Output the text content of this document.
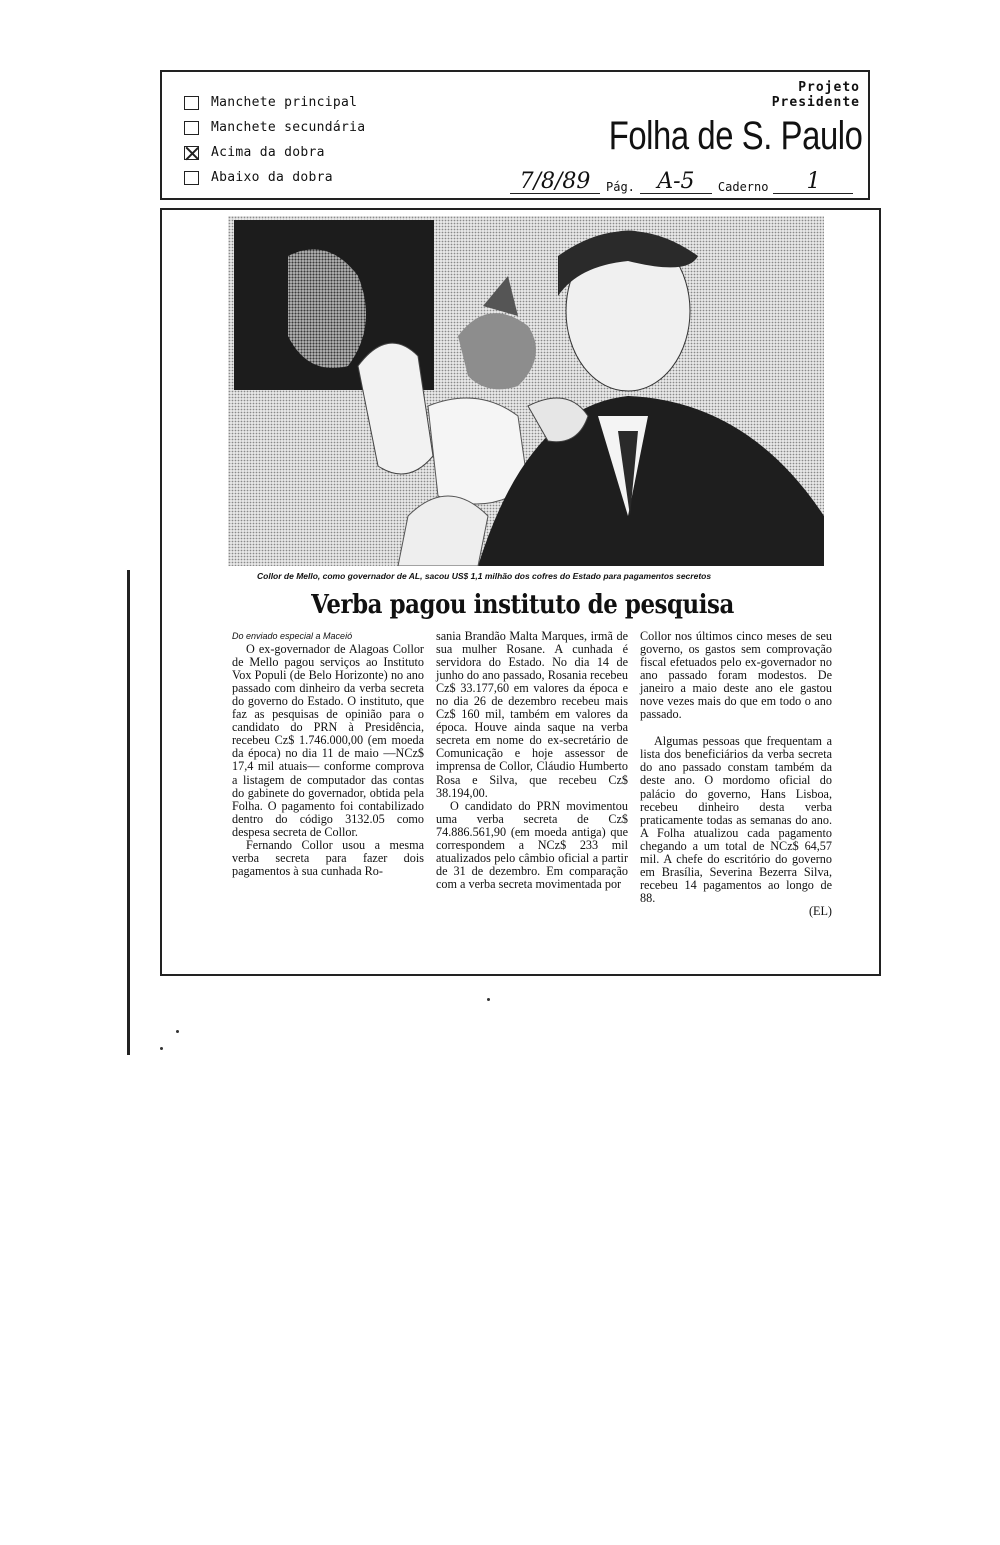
Manchete principal
Manchete secundária
Acima da dobra
Abaixo da dobra
Projeto
Presidente
Folha de S. Paulo
7/8/89	Pág.	A-5	Caderno	1
Collor de Mello, como governador de AL, sacou US$ 1,1 milhão dos cofres do Estado para pagamentos secretos
Verba pagou instituto de pesquisa

Do enviado especial a Maceió

O ex-governador de Alagoas Collor de Mello pagou serviços ao Instituto Vox Populi (de Belo Horizonte) no ano passado com dinheiro da verba secreta do governo do Estado. O instituto, que faz as pesquisas de opinião para o candidato do PRN à Presidência, recebeu Cz$ 1.746.000,00 (em moeda da época) no dia 11 de maio —NCz$ 17,4 mil atuais— conforme comprova a listagem de computador das contas do gabinete do governador, obtida pela Folha. O pagamento foi contabilizado dentro do código 3132.05 como despesa secreta de Collor.

Fernando Collor usou a mesma verba secreta para fazer dois pagamentos à sua cunhada Ro-

sania Brandão Malta Marques, irmã de sua mulher Rosane. A cunhada é servidora do Estado. No dia 14 de junho do ano passado, Rosania recebeu Cz$ 33.177,60 em valores da época e no dia 26 de dezembro recebeu mais Cz$ 160 mil, também em valores da época. Houve ainda saque na verba secreta em nome do ex-secretário de Comunicação e hoje assessor de imprensa de Collor, Cláudio Humberto Rosa e Silva, que recebeu Cz$ 38.194,00.

O candidato do PRN movimentou uma verba secreta de Cz$ 74.886.561,90 (em moeda antiga) que correspondem a NCz$ 233 mil atualizados pelo câmbio oficial a partir de 31 de dezembro. Em comparação com a verba secreta movimentada por

Collor nos últimos cinco meses de seu governo, os gastos sem comprovação fiscal efetuados pelo ex-governador no ano passado foram modestos. De janeiro a maio deste ano ele gastou nove vezes mais do que em todo o ano passado.

Algumas pessoas que frequentam a lista dos beneficiários da verba secreta do ano passado constam também da deste ano. O mordomo oficial do palácio do governo, Hans Lisboa, recebeu dinheiro desta verba praticamente todas as semanas do ano. A Folha atualizou cada pagamento chegando a um total de NCz$ 64,57 mil. A chefe do escritório do governo em Brasília, Severina Bezerra Silva, recebeu 14 pagamentos ao longo de 88.

(EL)
